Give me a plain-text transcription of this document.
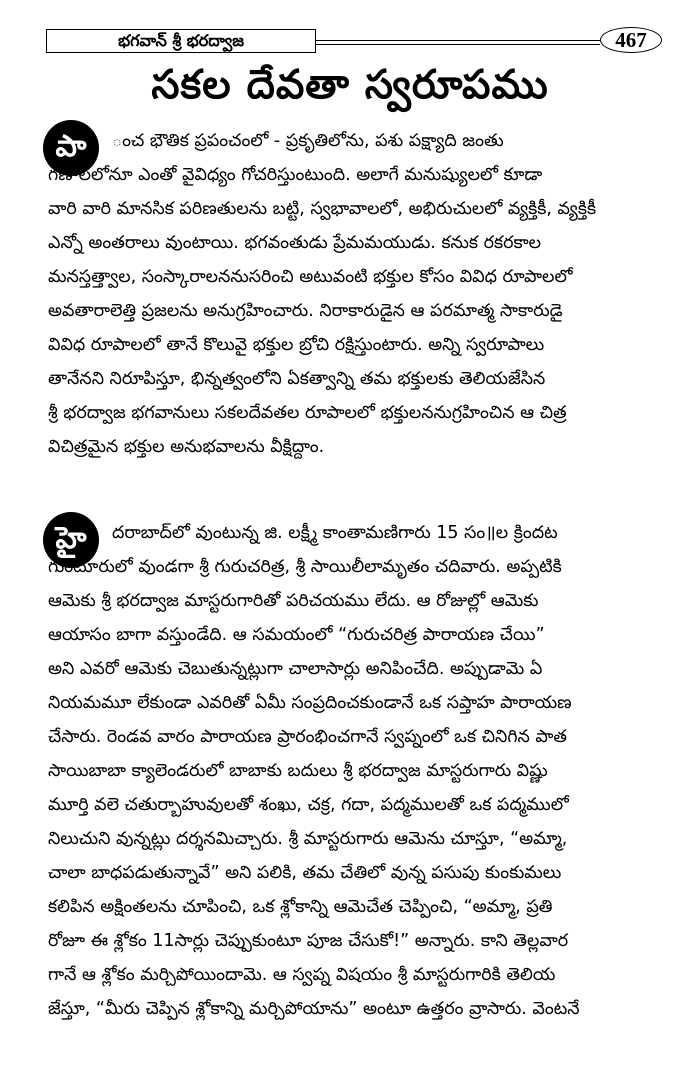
భగవాన్ శ్రీ భరద్వాజ	467
సకల దేవతా స్వరూపము
పా	ంచ భౌతిక ప్రపంచంలో - ప్రకృతిలోను, పశు పక్ష్యాది జంతు
గణాలలోనూ ఎంతో వైవిధ్యం గోచరిస్తుంటుంది. అలాగే మనుష్యులలో కూడా
వారి వారి మానసిక పరిణతులను బట్టి, స్వభావాలలో, అభిరుచులలో వ్యక్తికీ, వ్యక్తికీ
ఎన్నో అంతరాలు వుంటాయి. భగవంతుడు ప్రేమమయుడు. కనుక రకరకాల
మనస్తత్త్వాల, సంస్కారాలననుసరించి అటువంటి భక్తుల కోసం వివిధ రూపాలలో
అవతారాలెత్తి ప్రజలను అనుగ్రహించారు. నిరాకారుడైన ఆ పరమాత్మ సాకారుడై
వివిధ రూపాలలో తానే కొలువై భక్తుల బ్రోచి రక్షిస్తుంటారు. అన్ని స్వరూపాలు
తానేనని నిరూపిస్తూ, భిన్నత్వంలోని ఏకత్వాన్ని తమ భక్తులకు తెలియజేసిన
శ్రీ భరద్వాజ భగవానులు సకలదేవతల రూపాలలో భక్తులననుగ్రహించిన ఆ చిత్ర
విచిత్రమైన భక్తుల అనుభవాలను వీక్షిద్దాం.
హై	దరాబాద్‌లో వుంటున్న జి. లక్ష్మీ కాంతామణిగారు 15 సం॥ల క్రిందట
గుంటూరులో వుండగా శ్రీ గురుచరిత్ర, శ్రీ సాయిలీలామృతం చదివారు. అప్పటికి
ఆమెకు శ్రీ భరద్వాజ మాస్టరుగారితో పరిచయము లేదు. ఆ రోజుల్లో ఆమెకు
ఆయాసం బాగా వస్తుండేది. ఆ సమయంలో “గురుచరిత్ర పారాయణ చేయి”
అని ఎవరో ఆమెకు చెబుతున్నట్లుగా చాలాసార్లు అనిపించేది. అప్పుడామె ఏ
నియమమూ లేకుండా ఎవరితో ఏమీ సంప్రదించకుండానే ఒక సప్తాహ పారాయణ
చేసారు. రెండవ వారం పారాయణ ప్రారంభించగానే స్వప్నంలో ఒక చినిగిన పాత
సాయిబాబా క్యాలెండరులో బాబాకు బదులు శ్రీ భరద్వాజ మాస్టరుగారు విష్ణు
మూర్తి వలె చతుర్బాహువులతో శంఖు, చక్ర, గదా, పద్మములతో ఒక పద్మములో
నిలుచుని వున్నట్లు దర్శనమిచ్చారు. శ్రీ మాస్టరుగారు ఆమెను చూస్తూ, “అమ్మా,
చాలా బాధపడుతున్నావే” అని పలికి, తమ చేతిలో వున్న పసుపు కుంకుమలు
కలిపిన అక్షింతలను చూపించి, ఒక శ్లోకాన్ని ఆమెచేత చెప్పించి, “అమ్మా, ప్రతి
రోజూ ఈ శ్లోకం 11సార్లు చెప్పుకుంటూ పూజ చేసుకో!” అన్నారు. కాని తెల్లవార
గానే ఆ శ్లోకం మర్చిపోయిందామె. ఆ స్వప్న విషయం శ్రీ మాస్టరుగారికి తెలియ
జేస్తూ, “మీరు చెప్పిన శ్లోకాన్ని మర్చిపోయాను” అంటూ ఉత్తరం వ్రాసారు. వెంటనే
